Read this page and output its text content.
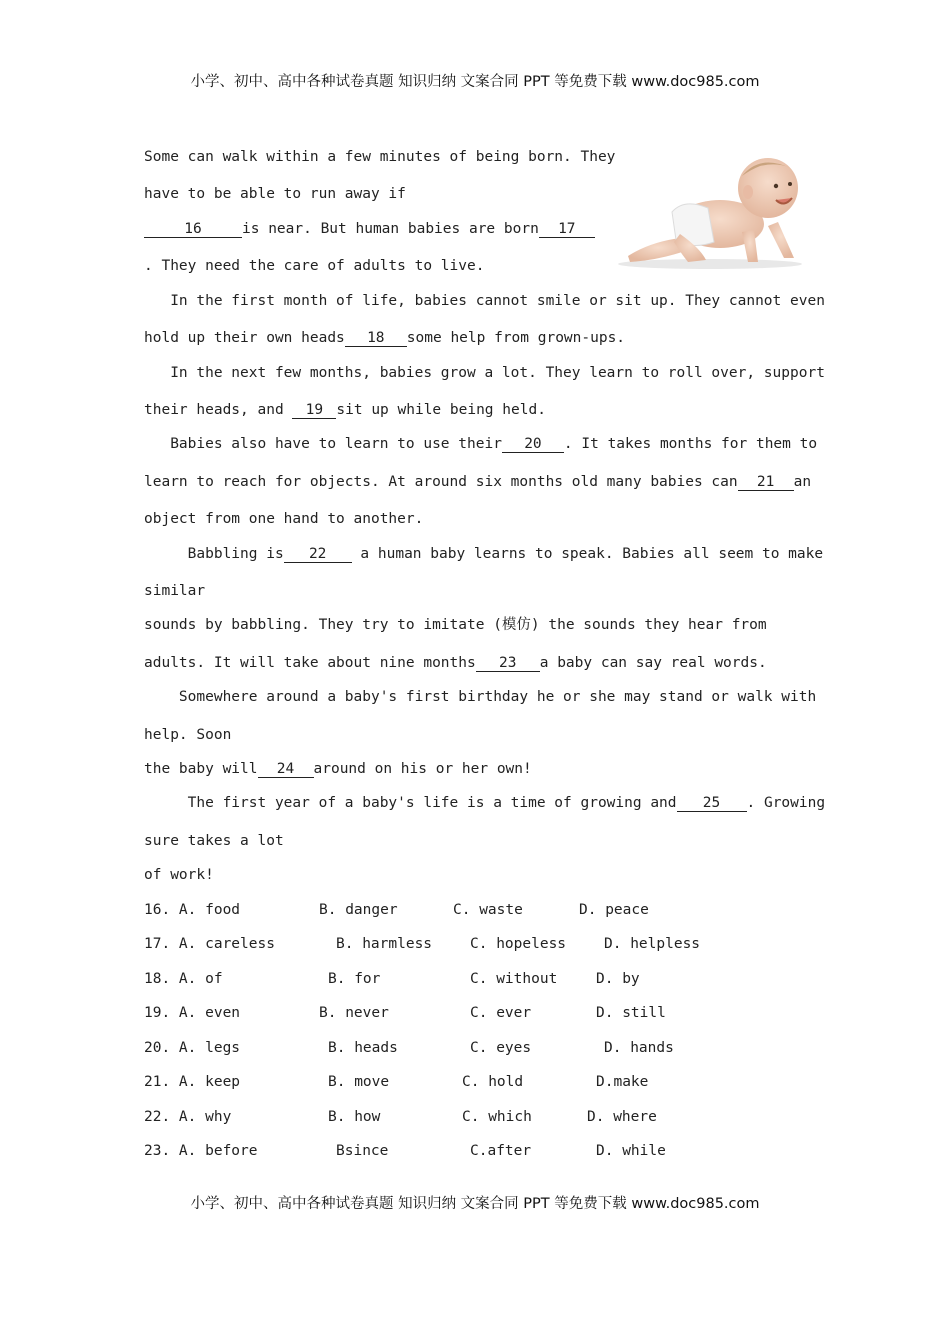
小学、初中、高中各种试卷真题 知识归纳 文案合同 PPT 等免费下载 www.doc985.com
Some can walk within a few minutes of being born. They
have to be able to run away if
16	is near. But human babies are born 17
. They need the care of adults to live.
In the first month of life, babies cannot smile or sit up. They cannot even
hold up their own heads 18 some help from grown-ups.
In the next few months, babies grow a lot. They learn to roll over, support
their heads, and 19 sit up while being held.
Babies also have to learn to use their 20 . It takes months for them to
learn to reach for objects. At around six months old many babies can 21 an
object from one hand to another.
Babbling is 22 a human baby learns to speak. Babies all seem to make
similar
sounds by babbling. They try to imitate (模仿) the sounds they hear from
adults. It will take about nine months 23 a baby can say real words.
Somewhere around a baby's first birthday he or she may stand or walk with
help. Soon
the baby will 24 around on his or her own!
The first year of a baby's life is a time of growing and 25 . Growing
sure takes a lot
of work!
16. A. food	B. danger	C. waste	D. peace
17. A. careless	B. harmless	C. hopeless	D. helpless
18. A. of	B. for	C. without	D. by
19. A. even	B. never	C. ever	D. still
20. A. legs	B. heads	C. eyes	D. hands
21. A. keep	B. move	C. hold	D.make
22. A. why	B. how	C. which	D. where
23. A. before	Bsince	C.after	D. while
小学、初中、高中各种试卷真题 知识归纳 文案合同 PPT 等免费下载 www.doc985.com
